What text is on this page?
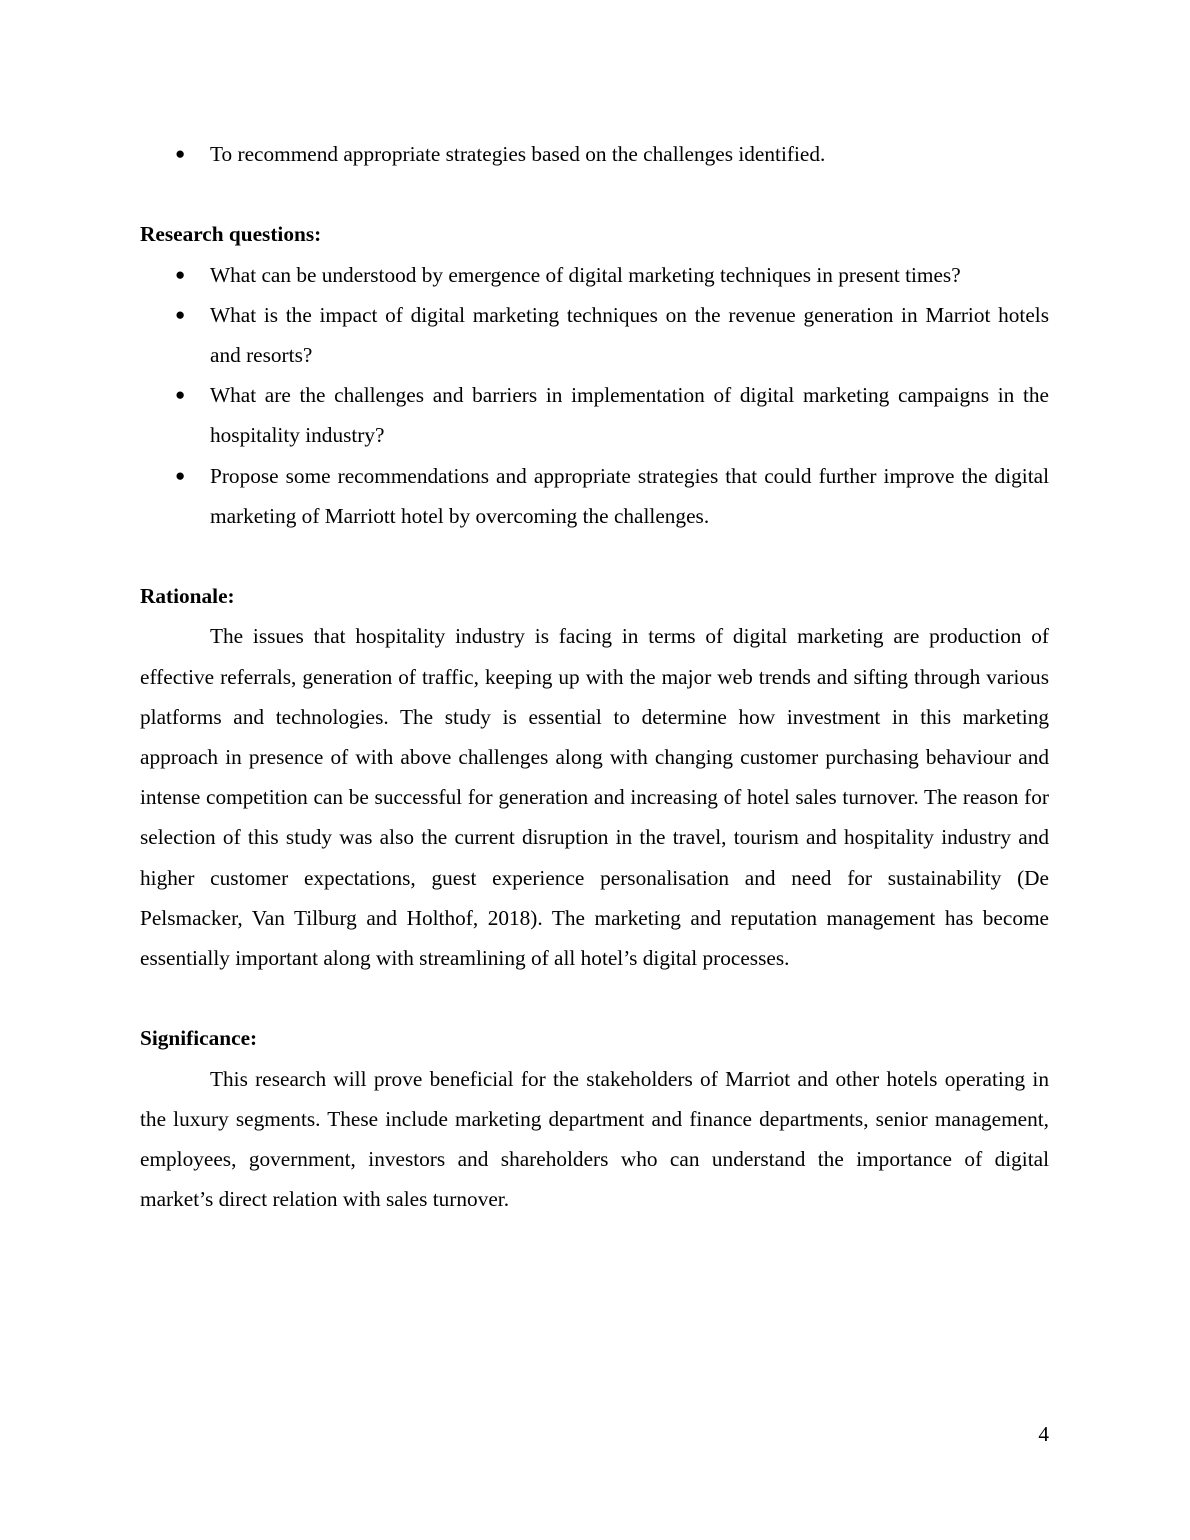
● To recommend appropriate strategies based on the challenges identified.
Research questions:
● What can be understood by emergence of digital marketing techniques in present times?
● What is the impact of digital marketing techniques on the revenue generation in Marriot hotels and resorts?
● What are the challenges and barriers in implementation of digital marketing campaigns in the hospitality industry?
● Propose some recommendations and appropriate strategies that could further improve the digital marketing of Marriott hotel by overcoming the challenges.
Rationale:

The issues that hospitality industry is facing in terms of digital marketing are production of effective referrals, generation of traffic, keeping up with the major web trends and sifting through various platforms and technologies. The study is essential to determine how investment in this marketing approach in presence of with above challenges along with changing customer purchasing behaviour and intense competition can be successful for generation and increasing of hotel sales turnover. The reason for selection of this study was also the current disruption in the travel, tourism and hospitality industry and higher customer expectations, guest experience personalisation and need for sustainability (De Pelsmacker, Van Tilburg and Holthof, 2018). The marketing and reputation management has become essentially important along with streamlining of all hotel’s digital processes.

Significance:

This research will prove beneficial for the stakeholders of Marriot and other hotels operating in the luxury segments. These include marketing department and finance departments, senior management, employees, government, investors and shareholders who can understand the importance of digital market’s direct relation with sales turnover.

4
